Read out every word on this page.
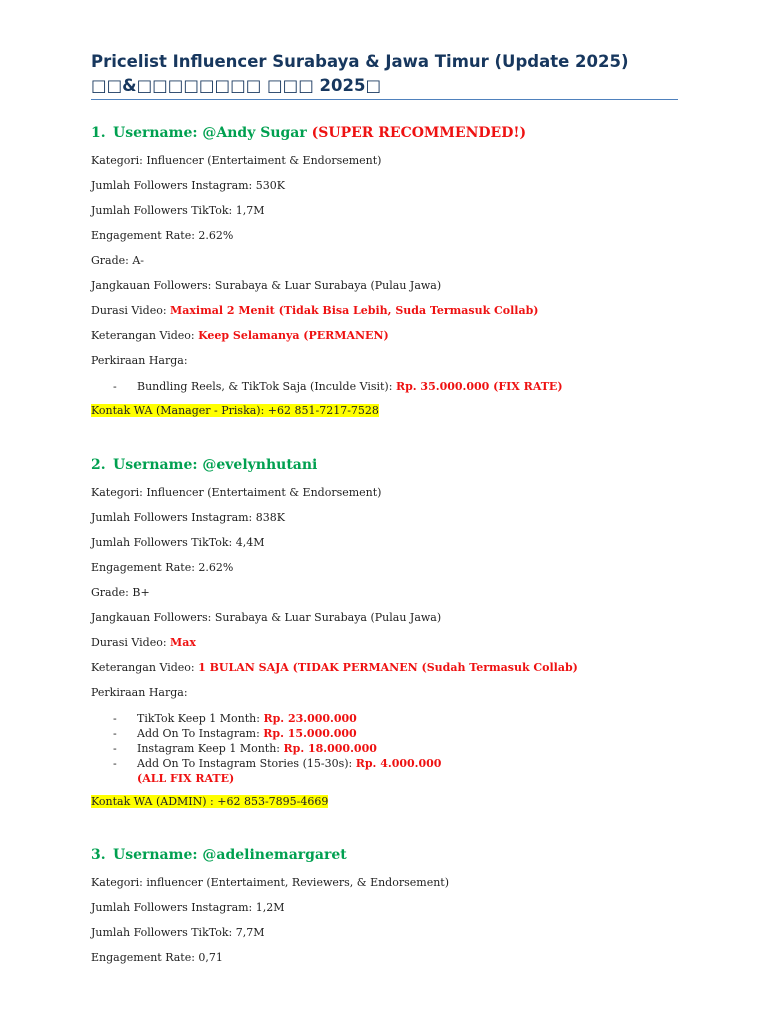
Pricelist Influencer Surabaya & Jawa Timur (Update 2025)
□□&□□□□□□□□ □□□ 2025□

1. Username: @Andy Sugar (SUPER RECOMMENDED!)

Kategori: Influencer (Entertaiment & Endorsement)

Jumlah Followers Instagram: 530K

Jumlah Followers TikTok: 1,7M

Engagement Rate: 2.62%

Grade: A-

Jangkauan Followers: Surabaya & Luar Surabaya (Pulau Jawa)

Durasi Video: Maximal 2 Menit (Tidak Bisa Lebih, Suda Termasuk Collab)

Keterangan Video: Keep Selamanya (PERMANEN)

Perkiraan Harga:

- Bundling Reels, & TikTok Saja (Inculde Visit): Rp. 35.000.000 (FIX RATE)

Kontak WA (Manager - Priska): +62 851-7217-7528

2. Username: @evelynhutani

Kategori: Influencer (Entertaiment & Endorsement)

Jumlah Followers Instagram: 838K

Jumlah Followers TikTok: 4,4M

Engagement Rate: 2.62%

Grade: B+

Jangkauan Followers: Surabaya & Luar Surabaya (Pulau Jawa)

Durasi Video: Max

Keterangan Video: 1 BULAN SAJA (TIDAK PERMANEN (Sudah Termasuk Collab)

Perkiraan Harga:

- TikTok Keep 1 Month: Rp. 23.000.000
- Add On To Instagram: Rp. 15.000.000
- Instagram Keep 1 Month: Rp. 18.000.000
- Add On To Instagram Stories (15-30s): Rp. 4.000.000
(ALL FIX RATE)

Kontak WA (ADMIN) : +62 853-7895-4669

3. Username: @adelinemargaret

Kategori: influencer (Entertaiment, Reviewers, & Endorsement)

Jumlah Followers Instagram: 1,2M

Jumlah Followers TikTok: 7,7M

Engagement Rate: 0,71
